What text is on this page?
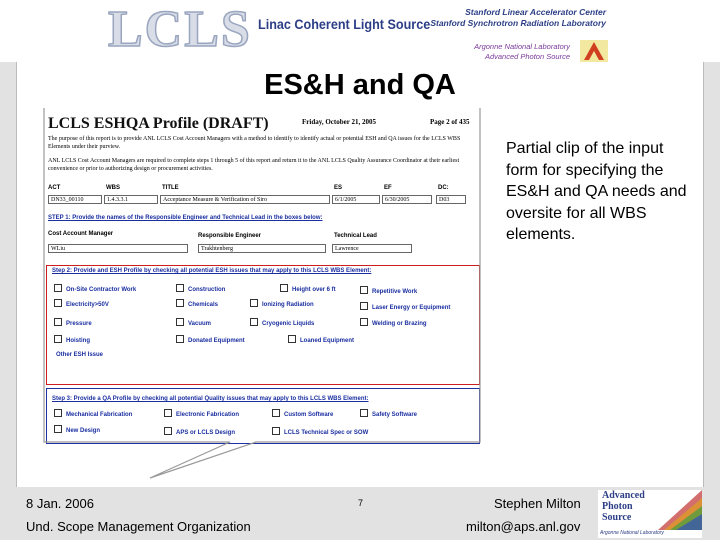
LCLS Linac Coherent Light Source
Stanford Linear Accelerator Center
Stanford Synchrotron Radiation Laboratory
Argonne National Laboratory
Advanced Photon Source
ES&H and QA
Partial clip of the input form for specifying the ES&H and QA needs and oversite for all WBS elements.
LCLS ESHQA Profile (DRAFT)	Friday, October 21, 2005	Page 2 of 435
The purpose of this report is to provide ANL LCLS Cost Account Managers with a method to identify to identify actual or potential ESH and QA issues for the LCLS WBS Elements under their purview.
ANL LCLS Cost Account Managers are required to complete steps 1 through 5 of this report and return it to the ANL LCLS Quality Assurance Coordinator at their earliest convenience or prior to authorizing design or procurement activities.
ACT	WBS	TITLE	ES	EF	DC:
DN33_00110	1.4.3.3.1	Acceptance Measure & Verification of Siro	6/1/2005	6/30/2005	D03
STEP 1: Provide the names of the Responsible Engineer and Technical Lead in the boxes below:
Cost Account Manager	Responsible Engineer	Technical Lead
WLiu	Trakhtenberg	Lawrence
Step 2: Provide and ESH Profile by checking all potential ESH issues that may apply to this LCLS WBS Element:
On-Site Contractor Work	Construction	Height over 6 ft	Repetitive Work
Electricity>50V	Chemicals	Ionizing Radiation	Laser Energy or Equipment
Pressure	Vacuum	Cryogenic Liquids	Welding or Brazing
Hoisting	Donated Equipment	Loaned Equipment
Other ESH Issue
Step 3: Provide a QA Profile by checking all potential Quality issues that may apply to this LCLS WBS Element:
Mechanical Fabrication	Electronic Fabrication	Custom Software	Safety Software
New Design	APS or LCLS Design	LCLS Technical Spec or SOW
8 Jan. 2006	7	Stephen Milton
Und. Scope Management Organization	milton@aps.anl.gov
Advanced
Photon
Source
Argonne National Laboratory
